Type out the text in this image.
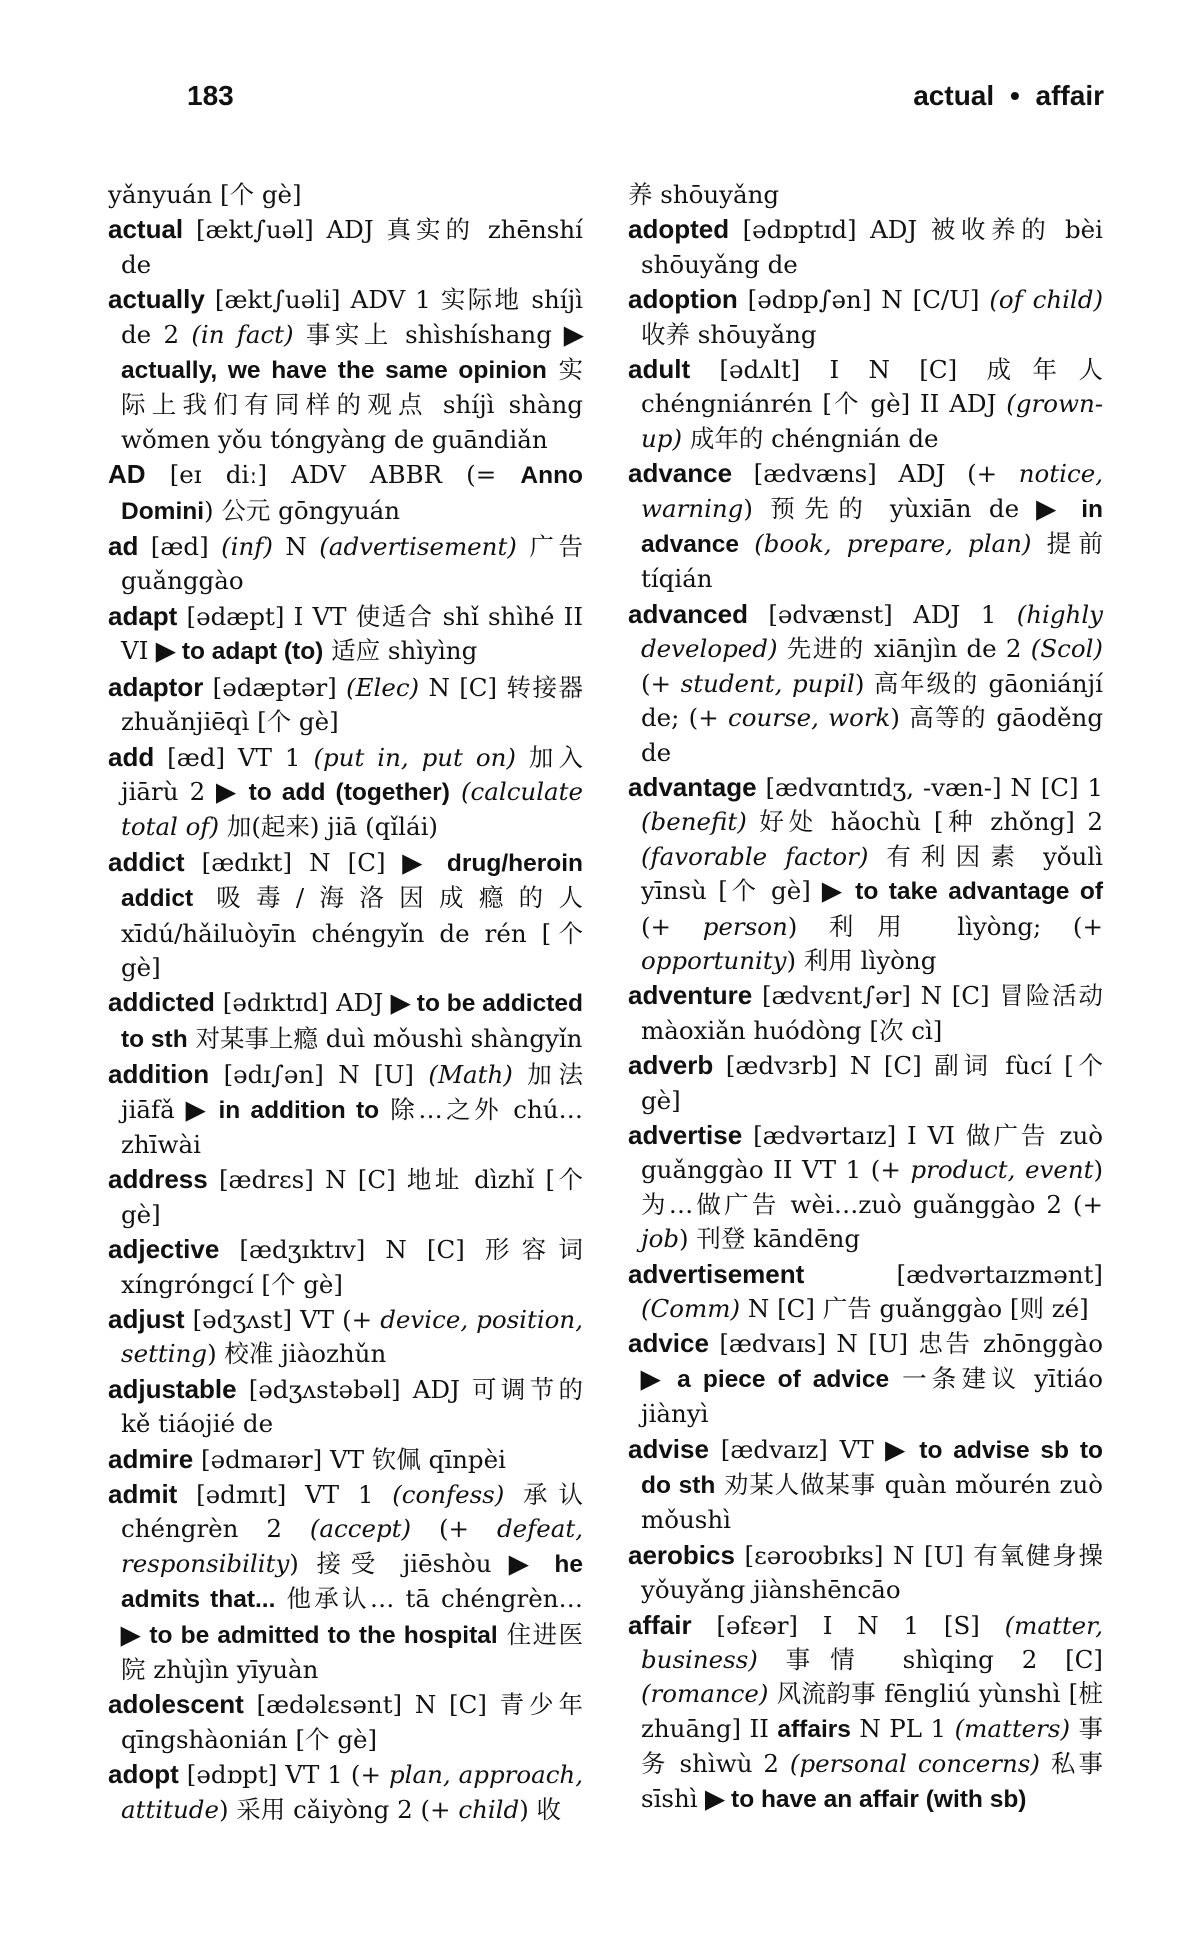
183	actual • affair

yǎnyuán [个 gè]

actual [ækt∫uəl] ADJ 真实的 zhēnshí de

actually [ækt∫uəli] ADV 1 实际地 shíjì de 2 (in fact) 事实上 shìshíshang ▶ actually, we have the same opinion 实际上我们有同样的观点 shíjì shàng wǒmen yǒu tóngyàng de guāndiǎn

AD [eɪ diː] ADV ABBR (= Anno Domini) 公元 gōngyuán

ad [æd] (inf) N (advertisement) 广告 guǎnggào

adapt [ədæpt] I VT 使适合 shǐ shìhé II VI ▶ to adapt (to) 适应 shìyìng

adaptor [ədæptər] (Elec) N [C] 转接器 zhuǎnjiēqì [个 gè]

add [æd] VT 1 (put in, put on) 加入 jiārù 2 ▶ to add (together) (calculate total of) 加(起来) jiā (qǐlái)

addict [ædɪkt] N [C] ▶ drug/heroin addict 吸毒/海洛因成瘾的人 xīdú/hǎiluòyīn chéngyǐn de rén [个 gè]

addicted [ədɪktɪd] ADJ ▶ to be addicted to sth 对某事上瘾 duì mǒushì shàngyǐn

addition [ədɪ∫ən] N [U] (Math) 加法 jiāfǎ ▶ in addition to 除…之外 chú…zhīwài

address [ædrɛs] N [C] 地址 dìzhǐ [个 gè]

adjective [ædʒɪktɪv] N [C] 形容词 xíngróngcí [个 gè]

adjust [ədʒʌst] VT (+ device, position, setting) 校准 jiàozhǔn

adjustable [ədʒʌstəbəl] ADJ 可调节的 kě tiáojié de

admire [ədmaɪər] VT 钦佩 qīnpèi

admit [ədmɪt] VT 1 (confess) 承认 chéngrèn 2 (accept) (+ defeat, responsibility) 接受 jiēshòu ▶ he admits that... 他承认… tā chéngrèn… ▶ to be admitted to the hospital 住进医院 zhùjìn yīyuàn

adolescent [ædəlɛsənt] N [C] 青少年 qīngshàonián [个 gè]

adopt [ədɒpt] VT 1 (+ plan, approach, attitude) 采用 cǎiyòng 2 (+ child) 收

养 shōuyǎng

adopted [ədɒptɪd] ADJ 被收养的 bèi shōuyǎng de

adoption [ədɒp∫ən] N [C/U] (of child) 收养 shōuyǎng

adult [ədʌlt] I N [C] 成年人 chéngniánrén [个 gè] II ADJ (grown-up) 成年的 chéngnián de

advance [ædvæns] ADJ (+ notice, warning) 预先的 yùxiān de ▶ in advance (book, prepare, plan) 提前 tíqián

advanced [ədvænst] ADJ 1 (highly developed) 先进的 xiānjìn de 2 (Scol) (+ student, pupil) 高年级的 gāoniánjí de; (+ course, work) 高等的 gāoděng de

advantage [ædvɑntɪdʒ, -væn-] N [C] 1 (benefit) 好处 hǎochù [种 zhǒng] 2 (favorable factor) 有利因素 yǒulì yīnsù [个 gè] ▶ to take advantage of (+ person) 利用 lìyòng; (+ opportunity) 利用 lìyòng

adventure [ædvɛnt∫ər] N [C] 冒险活动 màoxiǎn huódòng [次 cì]

adverb [ædvɜrb] N [C] 副词 fùcí [个 gè]

advertise [ædvərtaɪz] I VI 做广告 zuò guǎnggào II VT 1 (+ product, event) 为…做广告 wèi…zuò guǎnggào 2 (+ job) 刊登 kāndēng

advertisement [ædvərtaɪzmənt] (Comm) N [C] 广告 guǎnggào [则 zé]

advice [ædvaɪs] N [U] 忠告 zhōnggào ▶ a piece of advice 一条建议 yītiáo jiànyì

advise [ædvaɪz] VT ▶ to advise sb to do sth 劝某人做某事 quàn mǒurén zuò mǒushì

aerobics [ɛəroʊbɪks] N [U] 有氧健身操 yǒuyǎng jiànshēncāo

affair [əfɛər] I N 1 [S] (matter, business) 事情 shìqing 2 [C] (romance) 风流韵事 fēngliú yùnshì [桩 zhuāng] II affairs N PL 1 (matters) 事务 shìwù 2 (personal concerns) 私事 sīshì ▶ to have an affair (with sb)
